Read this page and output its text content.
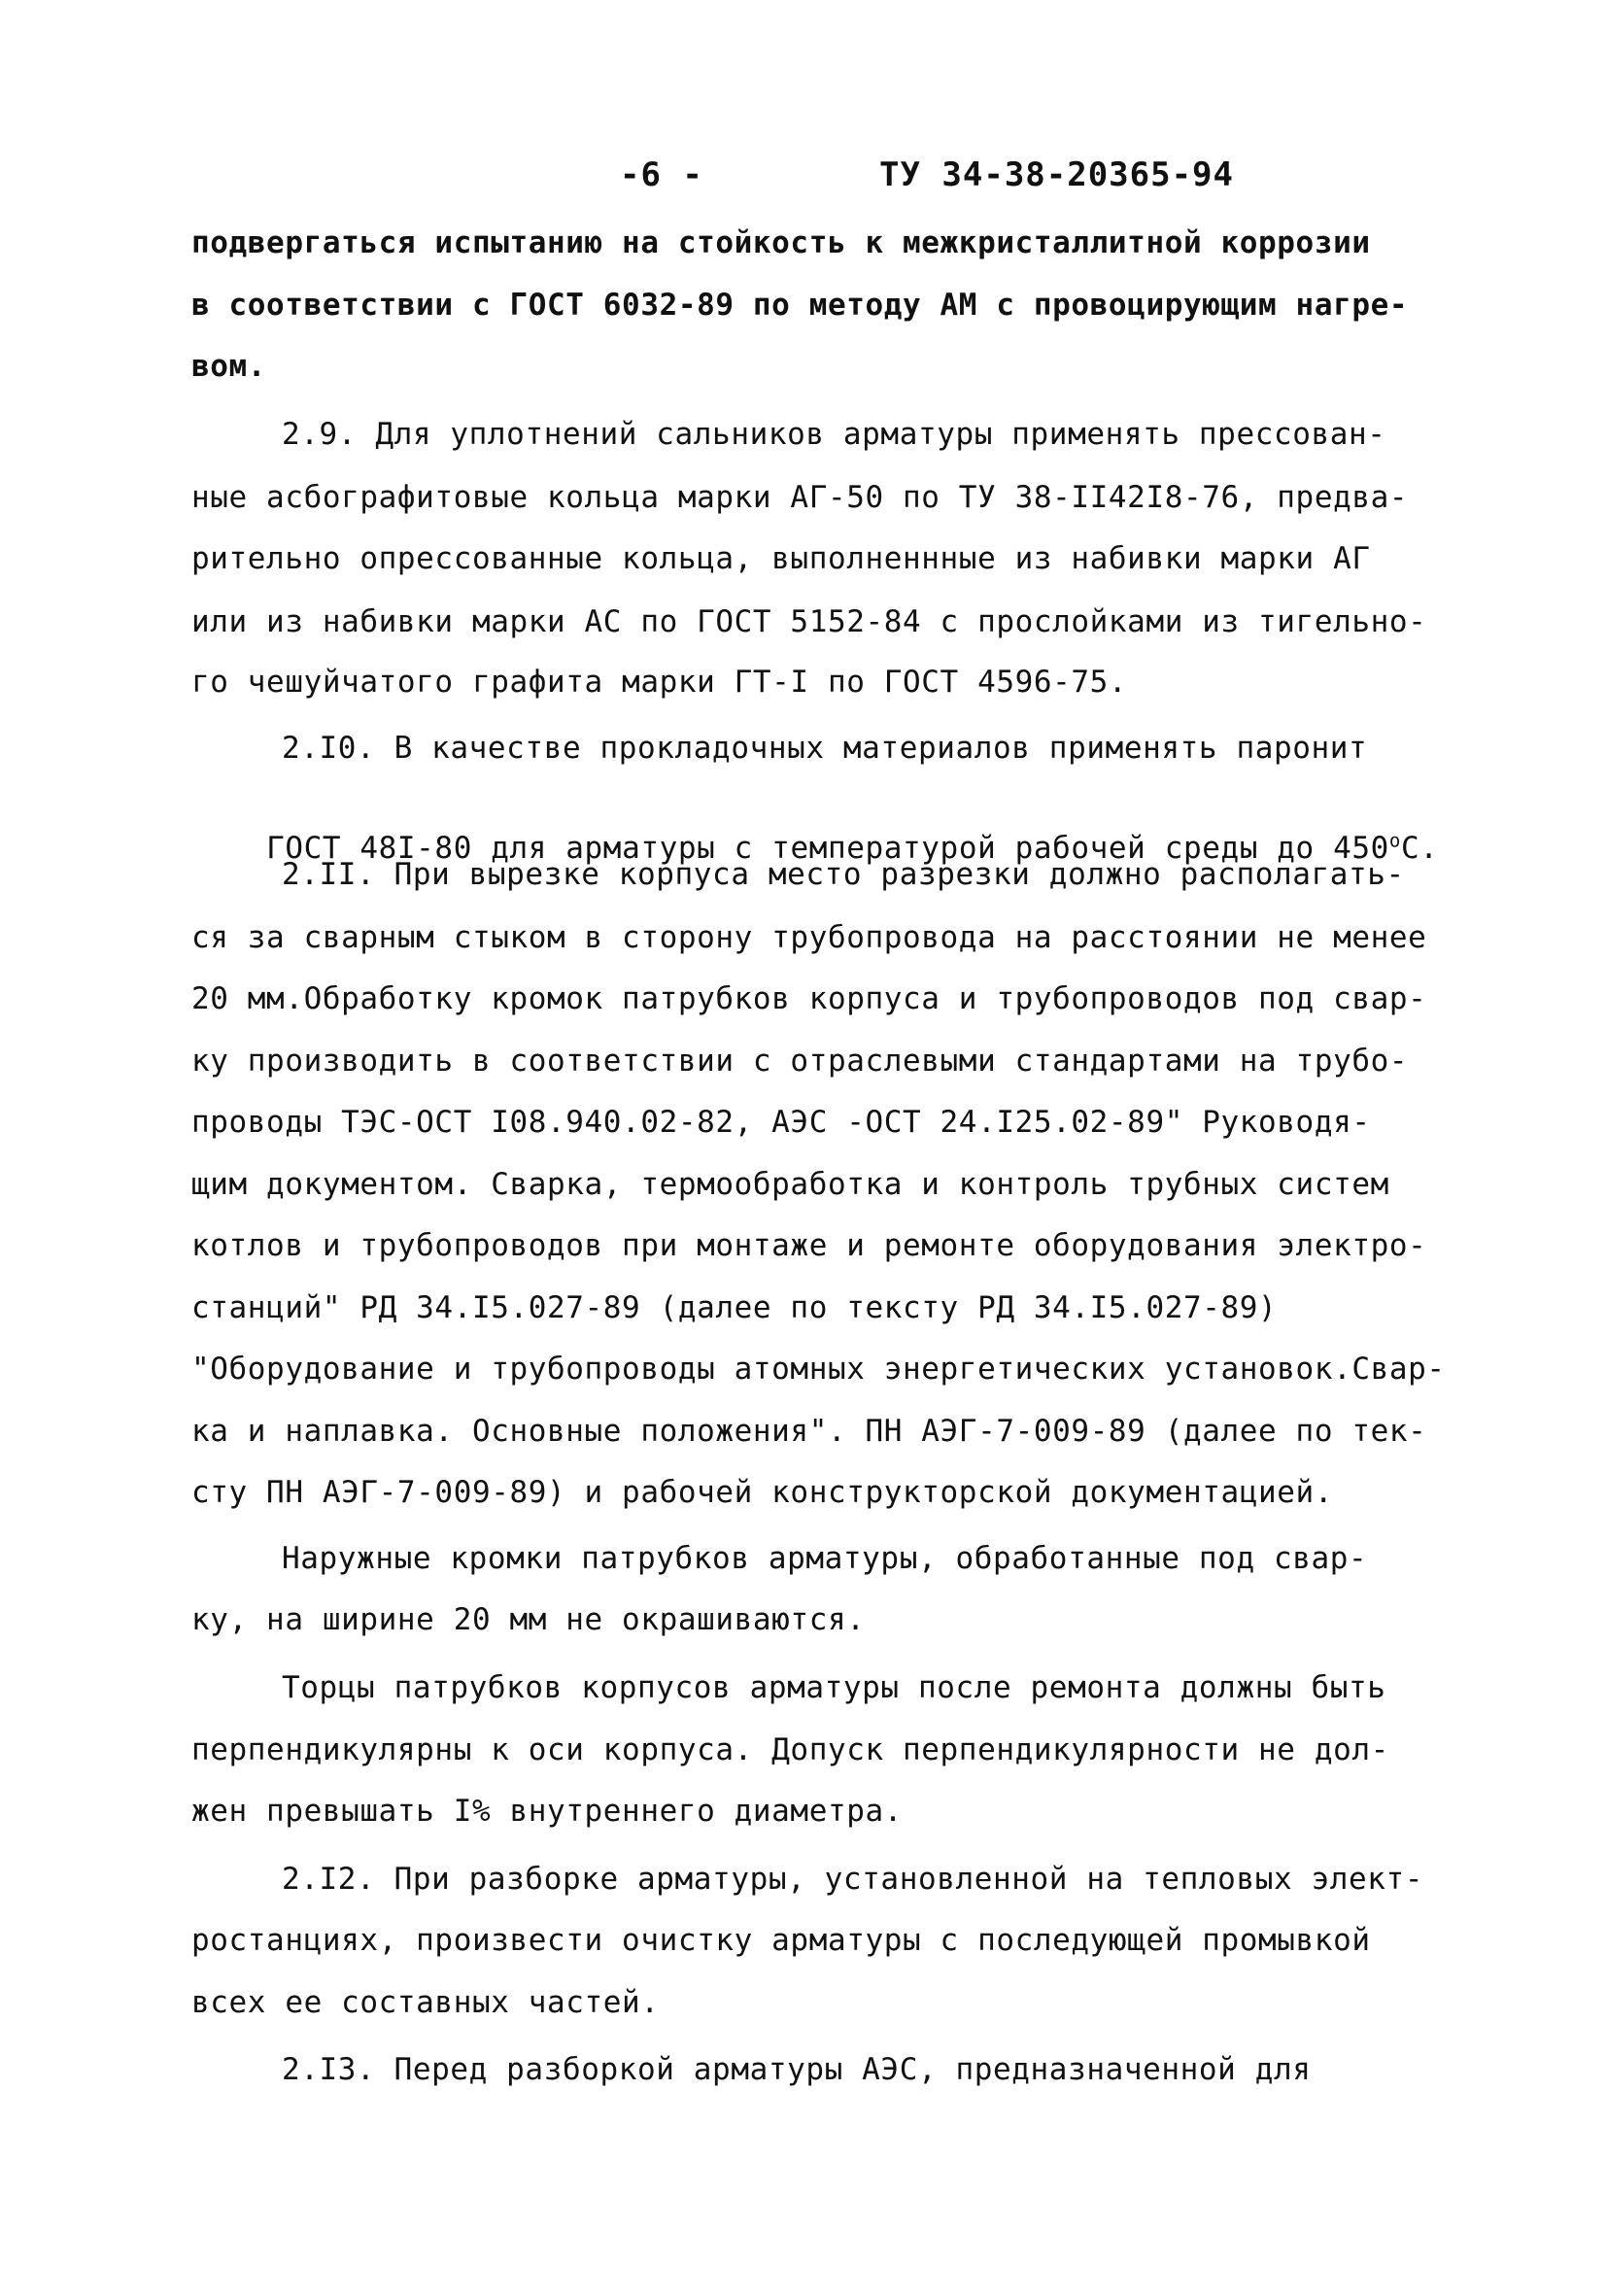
-6 -	ТУ 34-38-20365-94
подвергаться испытанию на стойкость к межкристаллитной коррозии
в соответствии с ГОСТ 6032-89 по методу АМ с провоцирующим нагре-
вом.
2.9. Для уплотнений сальников арматуры применять прессован-
ные асбографитовые кольца марки АГ-50 по ТУ 38-II42I8-76, предва-
рительно опрессованные кольца, выполненнные из набивки марки АГ
или из набивки марки АС по ГОСТ 5152-84 с прослойками из тигельно-
го чешуйчатого графита марки ГТ-I по ГОСТ 4596-75.
2.I0. В качестве прокладочных материалов применять паронит

ГОСТ 48I-80 для арматуры с температурой рабочей среды до $450^оС$.

2.II. При вырезке корпуса место разрезки должно располагать-
ся за сварным стыком в сторону трубопровода на расстоянии не менее
20 мм.Обработку кромок патрубков корпуса и трубопроводов под свар-
ку производить в соответствии с отраслевыми стандартами на трубо-
проводы ТЭС-ОСТ I08.940.02-82, АЭС -ОСТ 24.I25.02-89" Руководя-
щим документом. Сварка, термообработка и контроль трубных систем
котлов и трубопроводов при монтаже и ремонте оборудования электро-
станций" РД 34.I5.027-89 (далее по тексту РД 34.I5.027-89)
"Оборудование и трубопроводы атомных энергетических установок.Свар-
ка и наплавка. Основные положения". ПН АЭГ-7-009-89 (далее по тек-
сту ПН АЭГ-7-009-89) и рабочей конструкторской документацией.
Наружные кромки патрубков арматуры, обработанные под свар-
ку, на ширине 20 мм не окрашиваются.
Торцы патрубков корпусов арматуры после ремонта должны быть
перпендикулярны к оси корпуса. Допуск перпендикулярности не дол-
жен превышать I% внутреннего диаметра.
2.I2. При разборке арматуры, установленной на тепловых элект-
ростанциях, произвести очистку арматуры с последующей промывкой
всех ее составных частей.
2.I3. Перед разборкой арматуры АЭС, предназначенной для
